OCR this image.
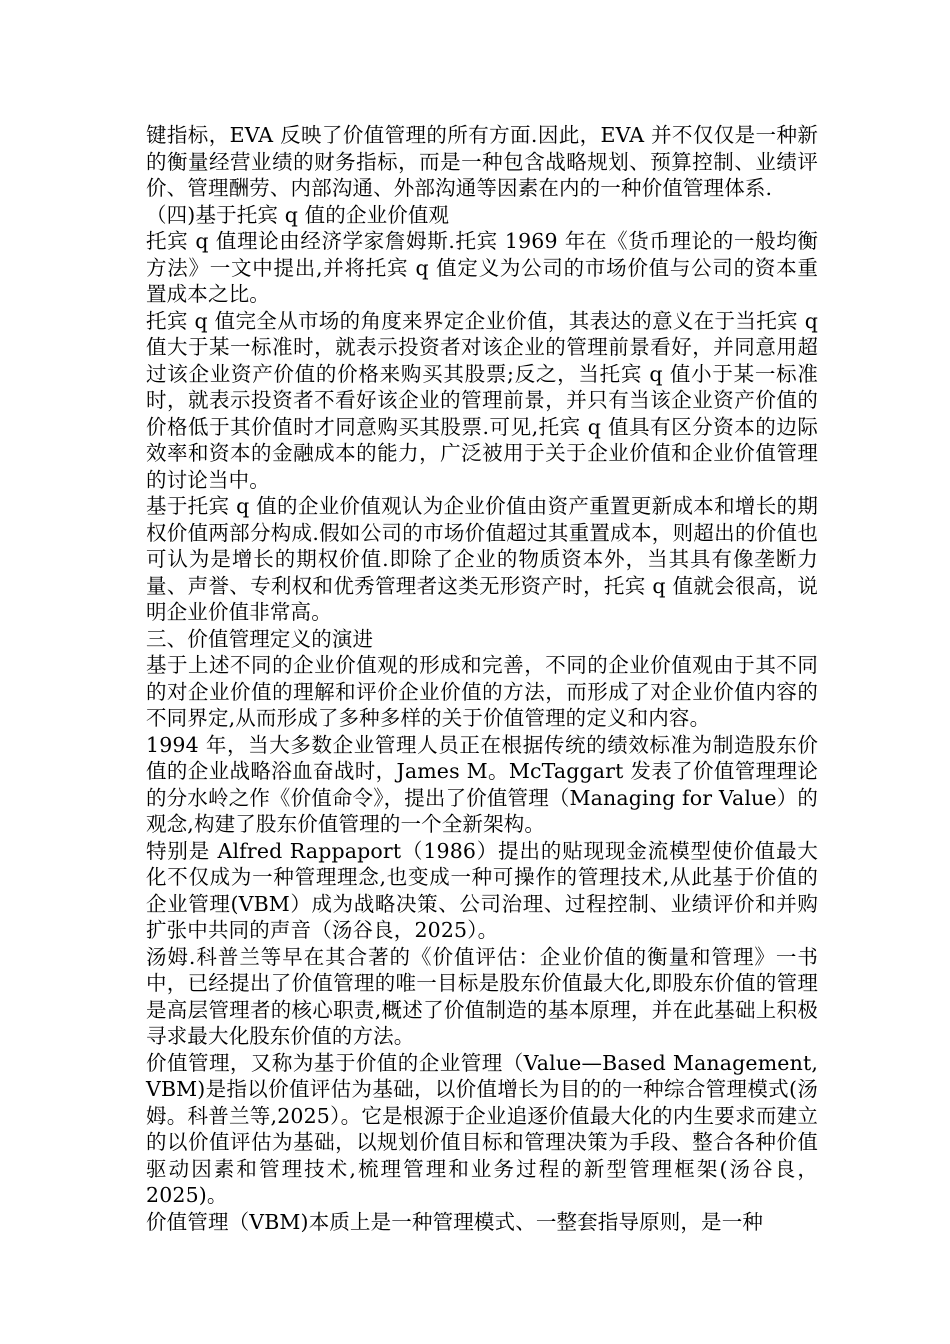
键指标，EVA 反映了价值管理的所有方面.因此，EVA 并不仅仅是一种新的衡量经营业绩的财务指标，而是一种包含战略规划、预算控制、业绩评价、管理酬劳、内部沟通、外部沟通等因素在内的一种价值管理体系.

（四)基于托宾 q 值的企业价值观

托宾 q 值理论由经济学家詹姆斯.托宾 1969 年在《货币理论的一般均衡方法》一文中提出,并将托宾 q 值定义为公司的市场价值与公司的资本重置成本之比。

托宾 q 值完全从市场的角度来界定企业价值，其表达的意义在于当托宾 q 值大于某一标准时，就表示投资者对该企业的管理前景看好，并同意用超过该企业资产价值的价格来购买其股票;反之，当托宾 q 值小于某一标准时，就表示投资者不看好该企业的管理前景，并只有当该企业资产价值的价格低于其价值时才同意购买其股票.可见,托宾 q 值具有区分资本的边际效率和资本的金融成本的能力，广泛被用于关于企业价值和企业价值管理的讨论当中。

基于托宾 q 值的企业价值观认为企业价值由资产重置更新成本和增长的期权价值两部分构成.假如公司的市场价值超过其重置成本，则超出的价值也可认为是增长的期权价值.即除了企业的物质资本外，当其具有像垄断力量、声誉、专利权和优秀管理者这类无形资产时，托宾 q 值就会很高，说明企业价值非常高。

三、价值管理定义的演进

基于上述不同的企业价值观的形成和完善，不同的企业价值观由于其不同的对企业价值的理解和评价企业价值的方法，而形成了对企业价值内容的不同界定,从而形成了多种多样的关于价值管理的定义和内容。

1994 年，当大多数企业管理人员正在根据传统的绩效标准为制造股东价值的企业战略浴血奋战时，James M。McTaggart 发表了价值管理理论的分水岭之作《价值命令》，提出了价值管理（Managing for Value）的观念,构建了股东价值管理的一个全新架构。

特别是 Alfred Rappaport（1986）提出的贴现现金流模型使价值最大化不仅成为一种管理理念,也变成一种可操作的管理技术,从此基于价值的企业管理(VBM）成为战略决策、公司治理、过程控制、业绩评价和并购扩张中共同的声音（汤谷良，2025）。

汤姆.科普兰等早在其合著的《价值评估：企业价值的衡量和管理》一书中，已经提出了价值管理的唯一目标是股东价值最大化,即股东价值的管理是高层管理者的核心职责,概述了价值制造的基本原理，并在此基础上积极寻求最大化股东价值的方法。

价值管理，又称为基于价值的企业管理（Value—Based Management, VBM)是指以价值评估为基础，以价值增长为目的的一种综合管理模式(汤姆。科普兰等,2025）。它是根源于企业追逐价值最大化的内生要求而建立的以价值评估为基础，以规划价值目标和管理决策为手段、整合各种价值驱动因素和管理技术,梳理管理和业务过程的新型管理框架(汤谷良，2025)。

价值管理（VBM)本质上是一种管理模式、一整套指导原则，是一种
